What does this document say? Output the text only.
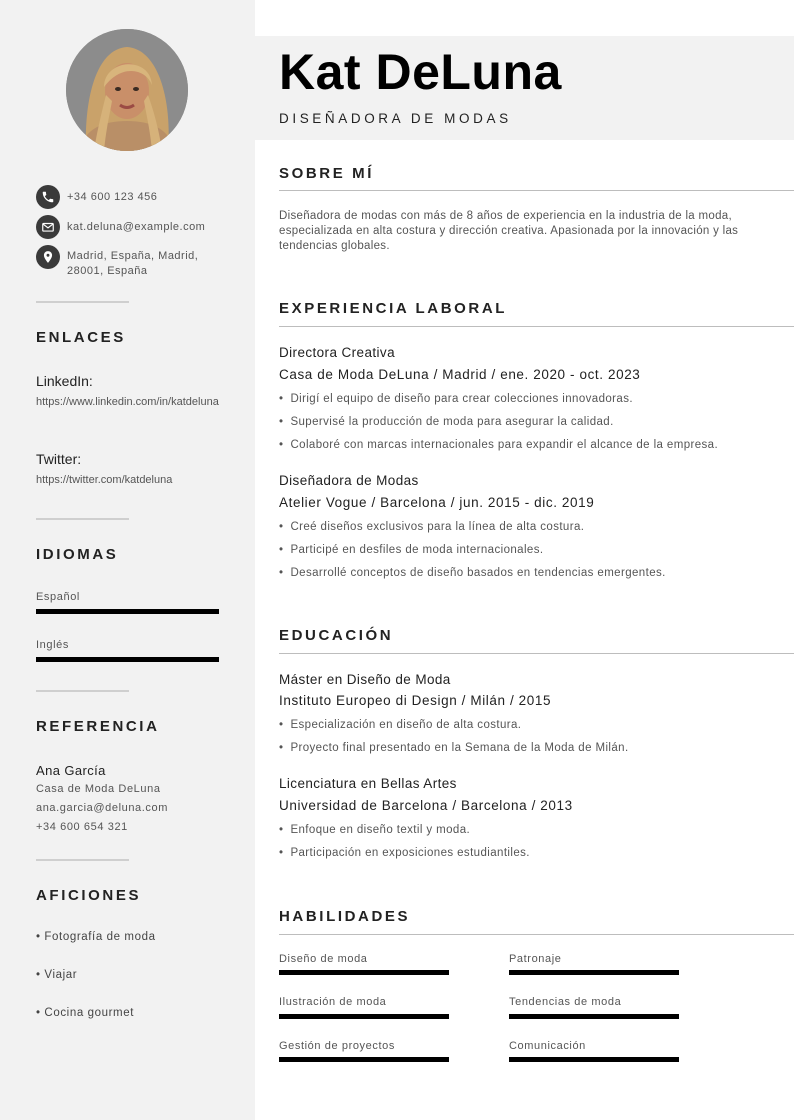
+34 600 123 456
kat.deluna@example.com
Madrid, España, Madrid,
28001, España
ENLACES
LinkedIn:
https://www.linkedin.com/in/katdeluna
Twitter:
https://twitter.com/katdeluna
IDIOMAS
Español
Inglés
REFERENCIA
Ana García
Casa de Moda DeLuna
ana.garcia@deluna.com
+34 600 654 321
AFICIONES
• Fotografía de moda
• Viajar
• Cocina gourmet
Kat DeLuna
DISEÑADORA DE MODAS
SOBRE MÍ
Diseñadora de modas con más de 8 años de experiencia en la industria de la moda, especializada en alta costura y dirección creativa. Apasionada por la innovación y las tendencias globales.
EXPERIENCIA LABORAL
Directora Creativa
Casa de Moda DeLuna / Madrid / ene. 2020 - oct. 2023
• Dirigí el equipo de diseño para crear colecciones innovadoras.
• Supervisé la producción de moda para asegurar la calidad.
• Colaboré con marcas internacionales para expandir el alcance de la empresa.
Diseñadora de Modas
Atelier Vogue / Barcelona / jun. 2015 - dic. 2019
• Creé diseños exclusivos para la línea de alta costura.
• Participé en desfiles de moda internacionales.
• Desarrollé conceptos de diseño basados en tendencias emergentes.
EDUCACIÓN
Máster en Diseño de Moda
Instituto Europeo di Design / Milán / 2015
• Especialización en diseño de alta costura.
• Proyecto final presentado en la Semana de la Moda de Milán.
Licenciatura en Bellas Artes
Universidad de Barcelona / Barcelona / 2013
• Enfoque en diseño textil y moda.
• Participación en exposiciones estudiantiles.
HABILIDADES
Diseño de moda	Patronaje
Ilustración de moda	Tendencias de moda
Gestión de proyectos	Comunicación
